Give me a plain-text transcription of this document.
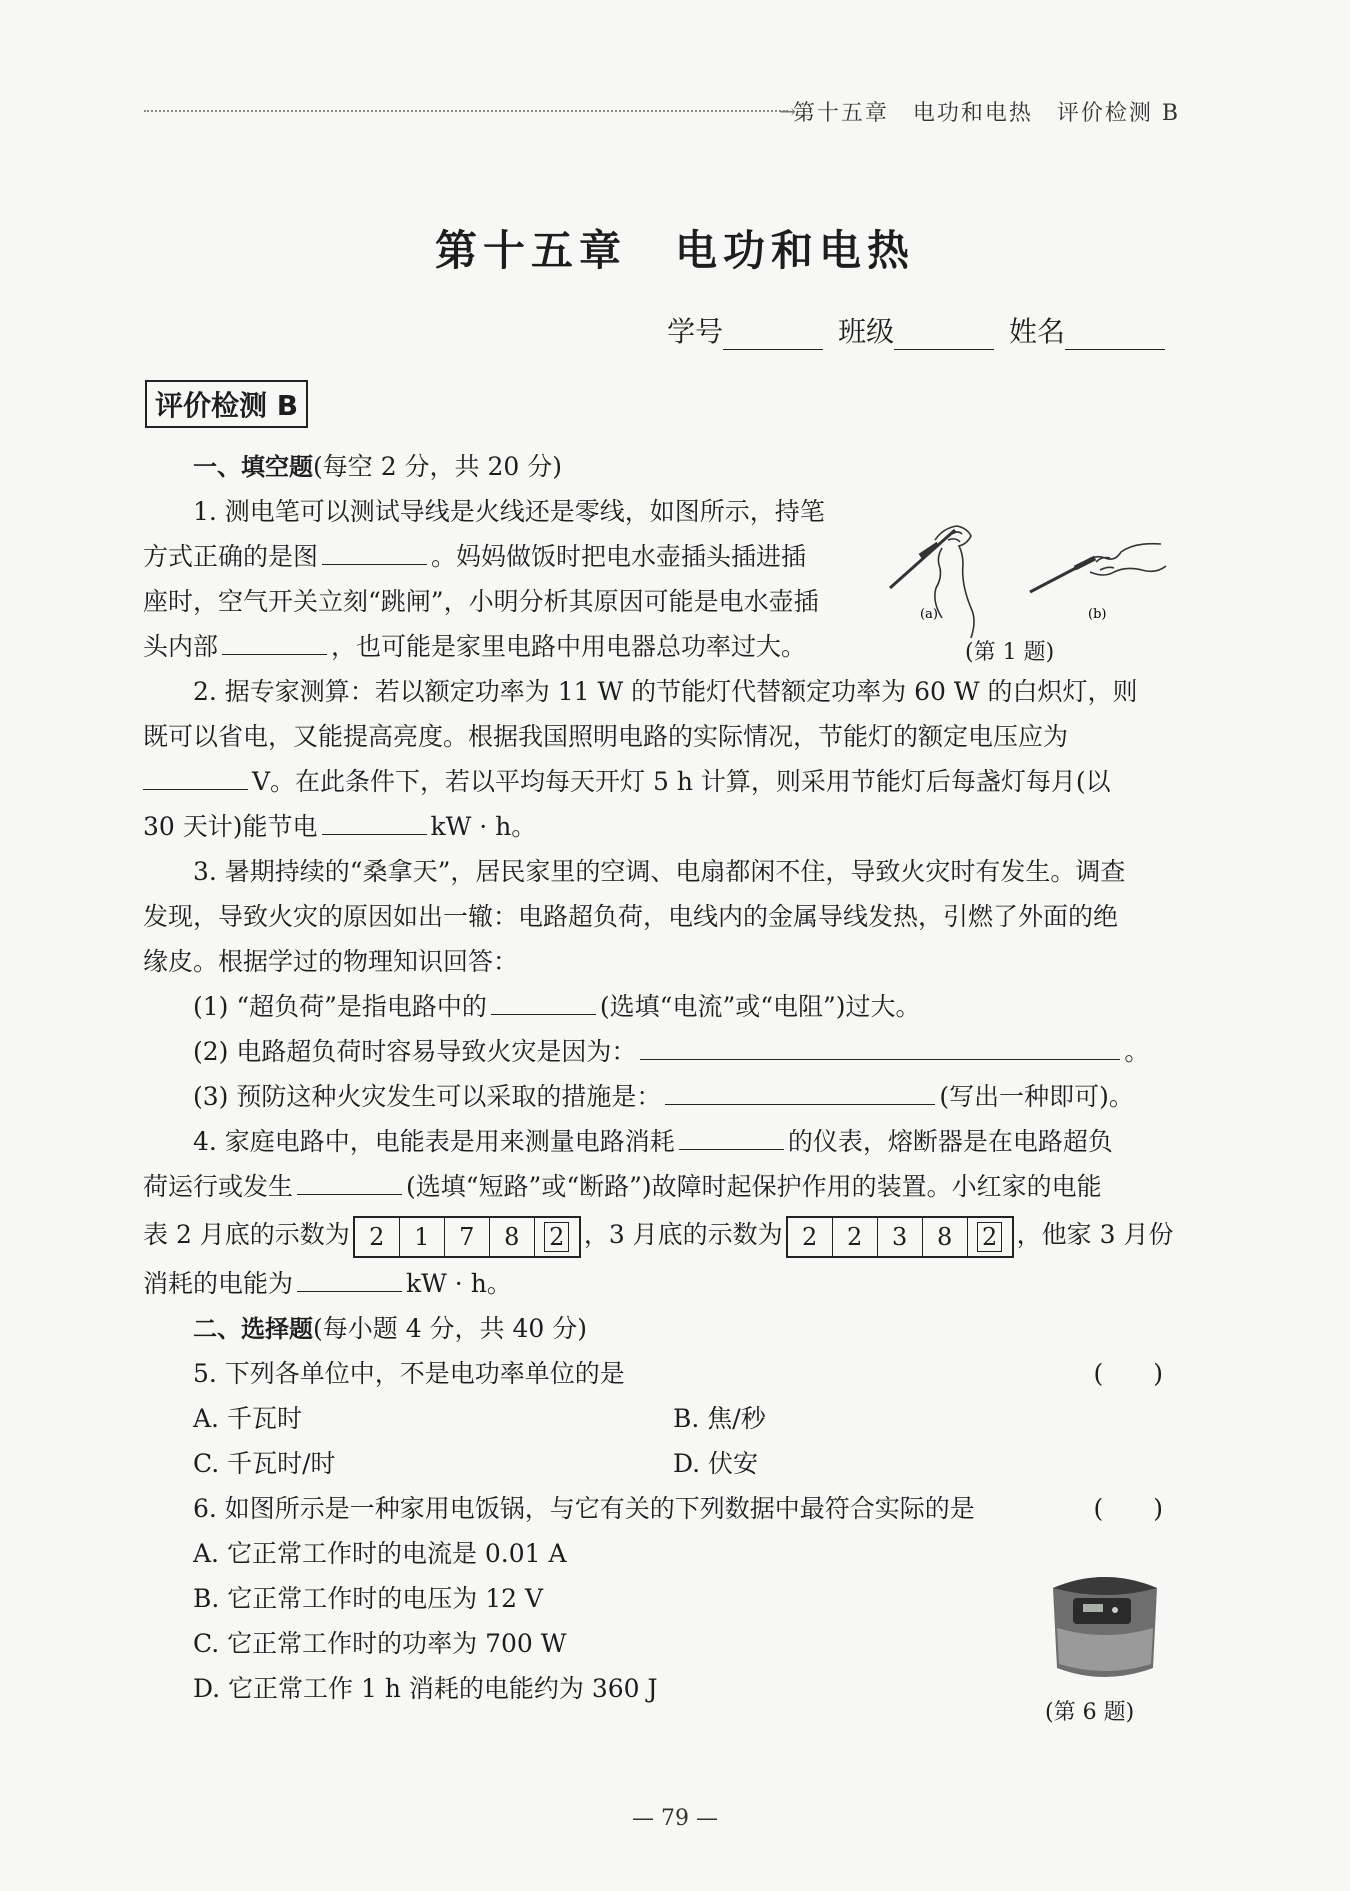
→
第十五章　电功和电热　评价检测 B
第十五章　电功和电热
学号	班级	姓名
评价检测 B
一、填空题(每空 2 分，共 20 分)
1. 测电笔可以测试导线是火线还是零线，如图所示，持笔
方式正确的是图	。妈妈做饭时把电水壶插头插进插
座时，空气开关立刻“跳闸”，小明分析其原因可能是电水壶插
头内部	，也可能是家里电路中用电器总功率过大。
2. 据专家测算：若以额定功率为 11 W 的节能灯代替额定功率为 60 W 的白炽灯，则
既可以省电，又能提高亮度。根据我国照明电路的实际情况，节能灯的额定电压应为
V。在此条件下，若以平均每天开灯 5 h 计算，则采用节能灯后每盏灯每月(以
30 天计)能节电	kW · h。
3. 暑期持续的“桑拿天”，居民家里的空调、电扇都闲不住，导致火灾时有发生。调查
发现，导致火灾的原因如出一辙：电路超负荷，电线内的金属导线发热，引燃了外面的绝
缘皮。根据学过的物理知识回答：
(1) “超负荷”是指电路中的	(选填“电流”或“电阻”)过大。
(2) 电路超负荷时容易导致火灾是因为：	。
(3) 预防这种火灾发生可以采取的措施是：	(写出一种即可)。
4. 家庭电路中，电能表是用来测量电路消耗	的仪表，熔断器是在电路超负
荷运行或发生	(选填“短路”或“断路”)故障时起保护作用的装置。小红家的电能
表 2 月底的示数为 2	1	7	8	2 ，3 月底的示数为 2	2	3	8	2 ，他家 3 月份
消耗的电能为	kW · h。
二、选择题(每小题 4 分，共 40 分)
5. 下列各单位中，不是电功率单位的是	(　　)
A. 千瓦时	B. 焦/秒
C. 千瓦时/时	D. 伏安
6. 如图所示是一种家用电饭锅，与它有关的下列数据中最符合实际的是	(　　)
A. 它正常工作时的电流是 0.01 A
B. 它正常工作时的电压为 12 V
C. 它正常工作时的功率为 700 W
D. 它正常工作 1 h 消耗的电能约为 360 J
(a)	(b)
(第 1 题)
(第 6 题)
— 79 —
